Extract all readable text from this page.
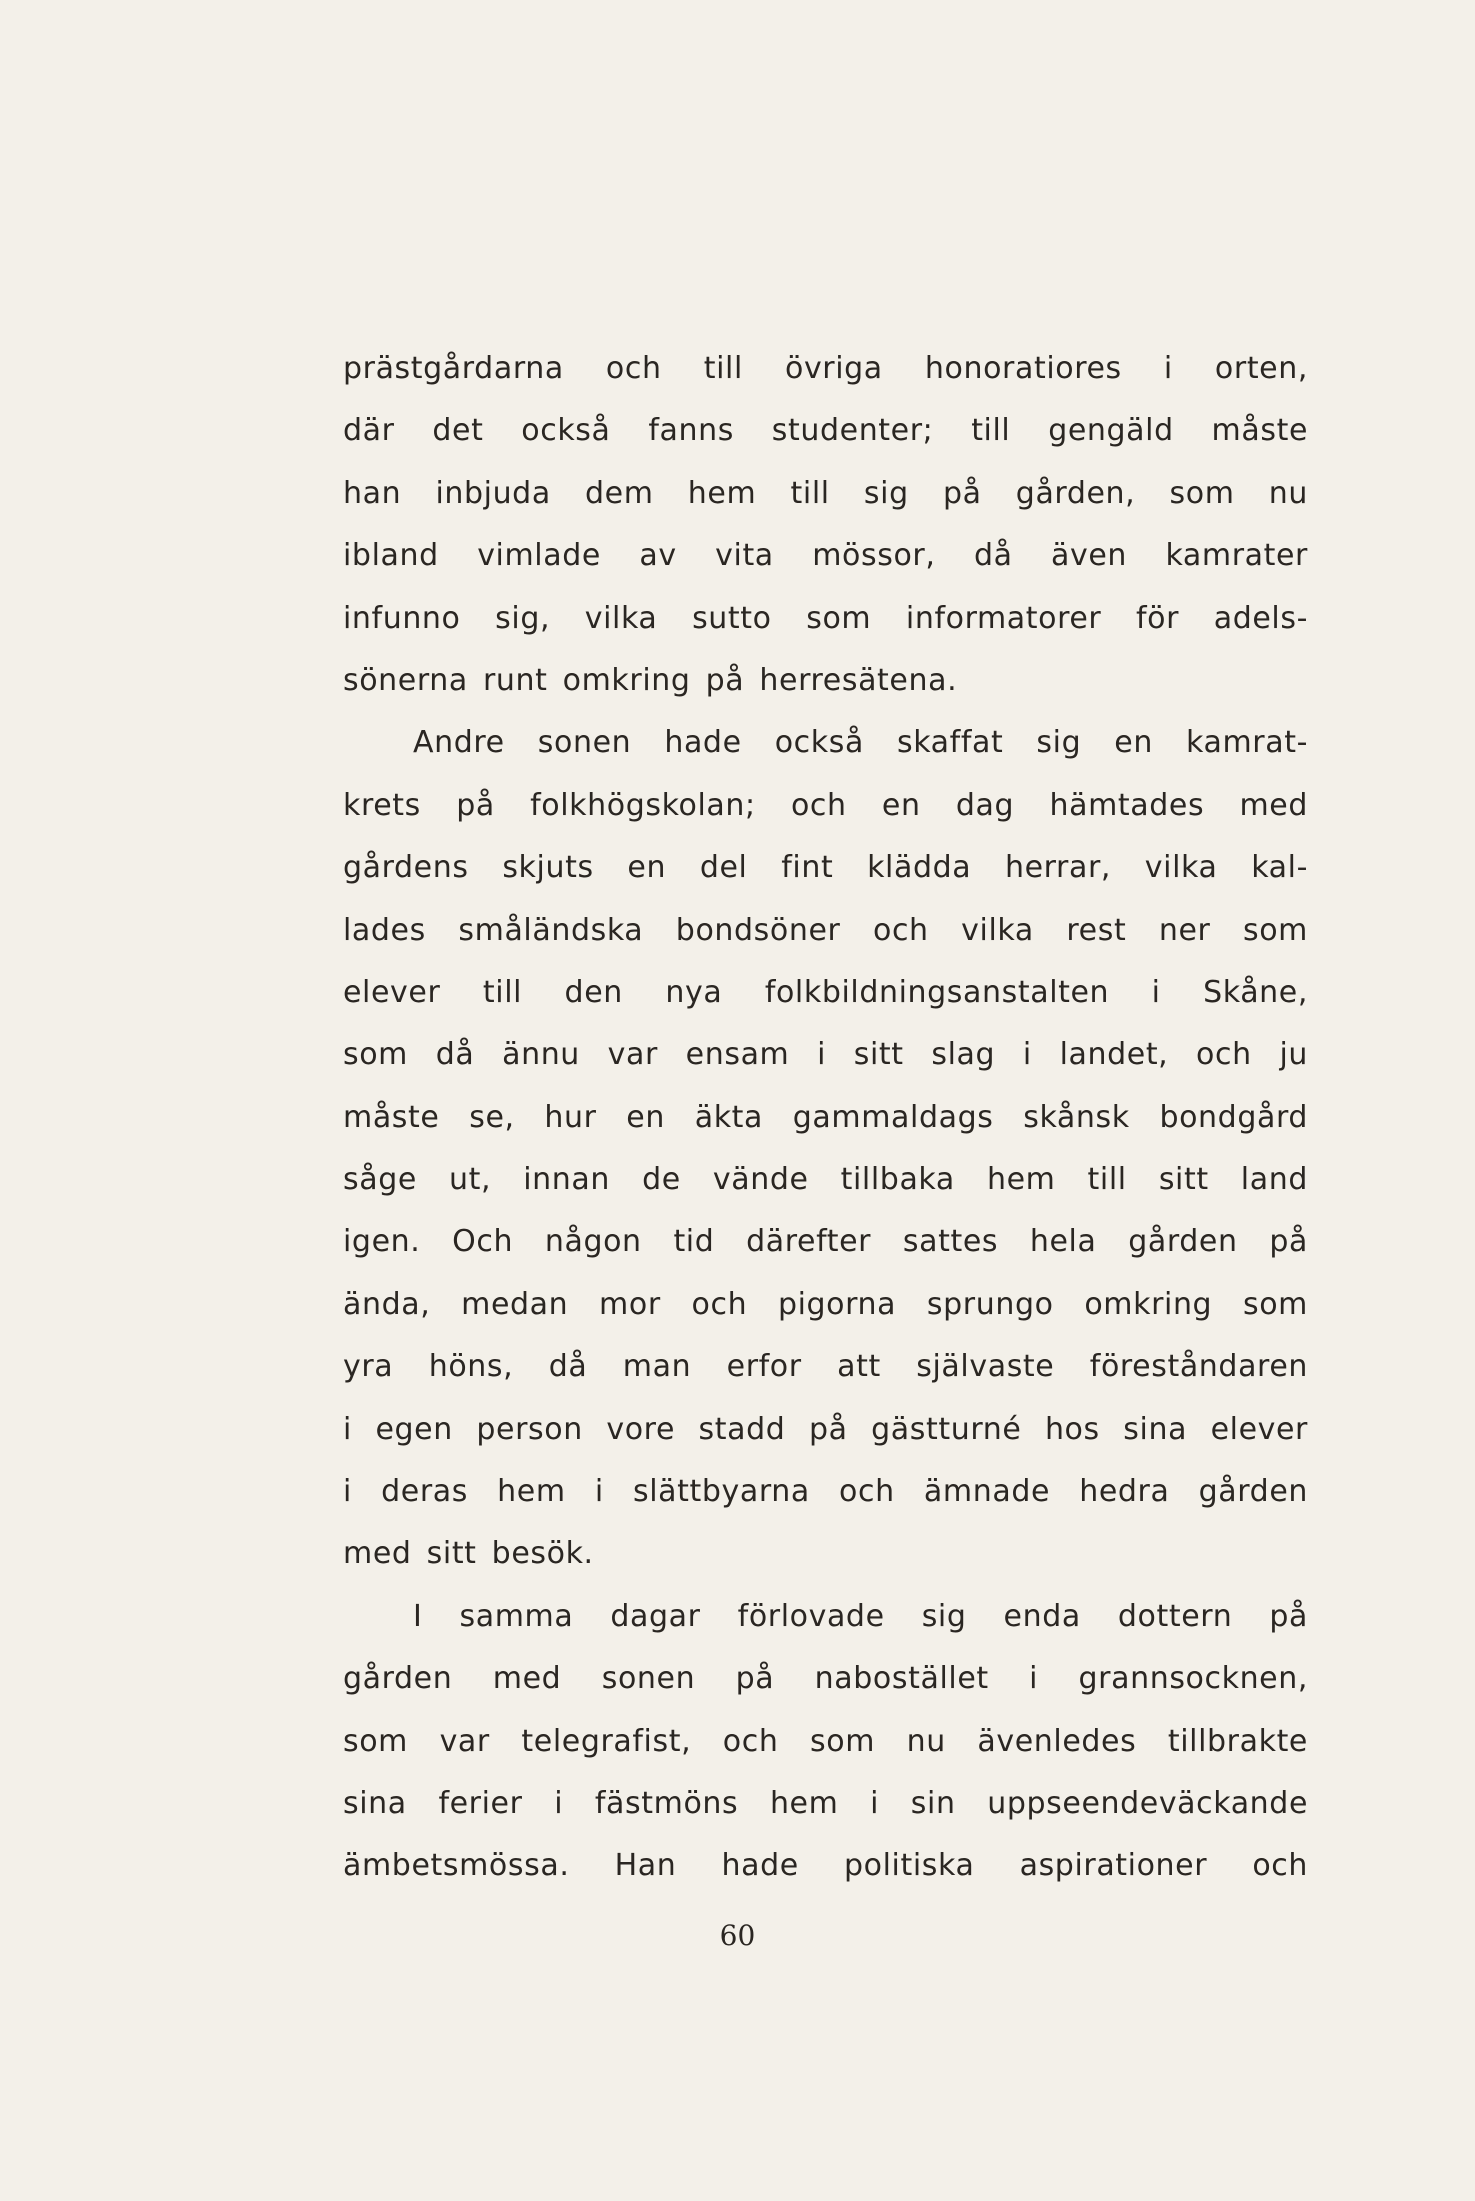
prästgårdarna och till övriga honoratiores i orten,
där det också fanns studenter; till gengäld måste
han inbjuda dem hem till sig på gården, som nu
ibland vimlade av vita mössor, då även kamrater
infunno sig, vilka sutto som informatorer för adels-
sönerna runt omkring på herresätena.
Andre sonen hade också skaffat sig en kamrat-
krets på folkhögskolan; och en dag hämtades med
gårdens skjuts en del fint klädda herrar, vilka kal-
lades småländska bondsöner och vilka rest ner som
elever till den nya folkbildningsanstalten i Skåne,
som då ännu var ensam i sitt slag i landet, och ju
måste se, hur en äkta gammaldags skånsk bondgård
såge ut, innan de vände tillbaka hem till sitt land
igen. Och någon tid därefter sattes hela gården på
ända, medan mor och pigorna sprungo omkring som
yra höns, då man erfor att självaste föreståndaren
i egen person vore stadd på gästturné hos sina elever
i deras hem i slättbyarna och ämnade hedra gården
med sitt besök.
I samma dagar förlovade sig enda dottern på
gården med sonen på nabostället i grannsocknen,
som var telegrafist, och som nu ävenledes tillbrakte
sina ferier i fästmöns hem i sin uppseendeväckande
ämbetsmössa. Han hade politiska aspirationer och
60
